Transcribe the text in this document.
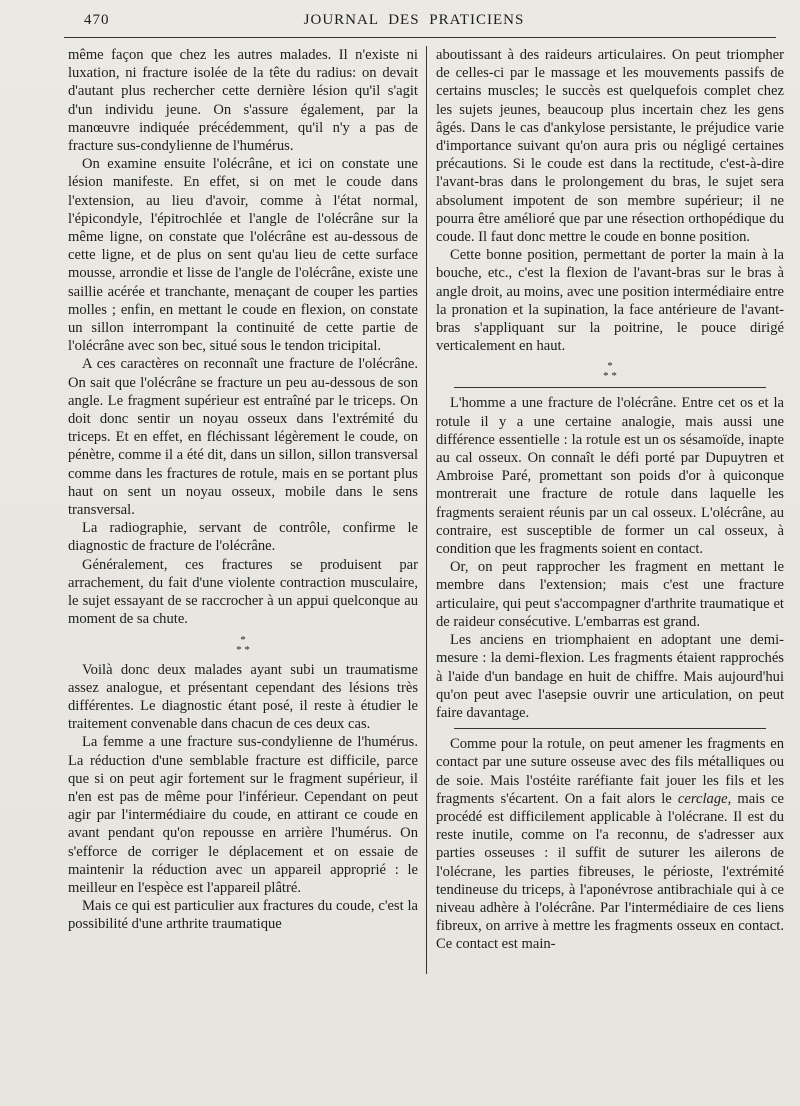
470	JOURNAL DES PRATICIENS

même façon que chez les autres malades. Il n'existe ni luxation, ni fracture isolée de la tête du radius: on devait d'autant plus rechercher cette dernière lésion qu'il s'agit d'un individu jeune. On s'assure également, par la manœuvre indiquée précédemment, qu'il n'y a pas de fracture sus-condylienne de l'humérus.

On examine ensuite l'olécrâne, et ici on constate une lésion manifeste. En effet, si on met le coude dans l'extension, au lieu d'avoir, comme à l'état normal, l'épicondyle, l'épitrochlée et l'angle de l'olécrâne sur la même ligne, on constate que l'olécrâne est au-dessous de cette ligne, et de plus on sent qu'au lieu de cette surface mousse, arrondie et lisse de l'angle de l'olécrâne, existe une saillie acérée et tranchante, menaçant de couper les parties molles ; enfin, en mettant le coude en flexion, on constate un sillon interrompant la continuité de cette partie de l'olécrâne avec son bec, situé sous le tendon tricipital.

A ces caractères on reconnaît une fracture de l'olécrâne. On sait que l'olécrâne se fracture un peu au-dessous de son angle. Le fragment supérieur est entraîné par le triceps. On doit donc sentir un noyau osseux dans l'extrémité du triceps. Et en effet, en fléchissant légèrement le coude, on pénètre, comme il a été dit, dans un sillon, sillon transversal comme dans les fractures de rotule, mais en se portant plus haut on sent un noyau osseux, mobile dans le sens transversal.

La radiographie, servant de contrôle, confirme le diagnostic de fracture de l'olécrâne.

Généralement, ces fractures se produisent par arrachement, du fait d'une violente contraction musculaire, le sujet essayant de se raccrocher à un appui quelconque au moment de sa chute.

*
* *

Voilà donc deux malades ayant subi un traumatisme assez analogue, et présentant cependant des lésions très différentes. Le diagnostic étant posé, il reste à étudier le traitement convenable dans chacun de ces deux cas.

La femme a une fracture sus-condylienne de l'humérus. La réduction d'une semblable fracture est difficile, parce que si on peut agir fortement sur le fragment supérieur, il n'en est pas de même pour l'inférieur. Cependant on peut agir par l'intermédiaire du coude, en attirant ce coude en avant pendant qu'on repousse en arrière l'humérus. On s'efforce de corriger le déplacement et on essaie de maintenir la réduction avec un appareil approprié : le meilleur en l'espèce est l'appareil plâtré.

Mais ce qui est particulier aux fractures du coude, c'est la possibilité d'une arthrite traumatique

aboutissant à des raideurs articulaires. On peut triompher de celles-ci par le massage et les mouvements passifs de certains muscles; le succès est quelquefois complet chez les sujets jeunes, beaucoup plus incertain chez les gens âgés. Dans le cas d'ankylose persistante, le préjudice varie d'importance suivant qu'on aura pris ou négligé certaines précautions. Si le coude est dans la rectitude, c'est-à-dire l'avant-bras dans le prolongement du bras, le sujet sera absolument impotent de son membre supérieur; il ne pourra être amélioré que par une résection orthopédique du coude. Il faut donc mettre le coude en bonne position.

Cette bonne position, permettant de porter la main à la bouche, etc., c'est la flexion de l'avant-bras sur le bras à angle droit, au moins, avec une position intermédiaire entre la pronation et la supination, la face antérieure de l'avant-bras s'appliquant sur la poitrine, le pouce dirigé verticalement en haut.

*
* *

L'homme a une fracture de l'olécrâne. Entre cet os et la rotule il y a une certaine analogie, mais aussi une différence essentielle : la rotule est un os sésamoïde, inapte au cal osseux. On connaît le défi porté par Dupuytren et Ambroise Paré, promettant son poids d'or à quiconque montrerait une fracture de rotule dans laquelle les fragments seraient réunis par un cal osseux. L'olécrâne, au contraire, est susceptible de former un cal osseux, à condition que les fragments soient en contact.

Or, on peut rapprocher les fragment en mettant le membre dans l'extension; mais c'est une fracture articulaire, qui peut s'accompagner d'arthrite traumatique et de raideur consécutive. L'embarras est grand.

Les anciens en triomphaient en adoptant une demi-mesure : la demi-flexion. Les fragments étaient rapprochés à l'aide d'un bandage en huit de chiffre. Mais aujourd'hui qu'on peut avec l'asepsie ouvrir une articulation, on peut faire davantage.

Comme pour la rotule, on peut amener les fragments en contact par une suture osseuse avec des fils métalliques ou de soie. Mais l'ostéite raréfiante fait jouer les fils et les fragments s'écartent. On a fait alors le cerclage, mais ce procédé est difficilement applicable à l'olécrane. Il est du reste inutile, comme on l'a reconnu, de s'adresser aux parties osseuses : il suffit de suturer les ailerons de l'olécrane, les parties fibreuses, le périoste, l'extrémité tendineuse du triceps, à l'aponévrose antibrachiale qui à ce niveau adhère à l'olécrâne. Par l'intermédiaire de ces liens fibreux, on arrive à mettre les fragments osseux en contact. Ce contact est main-
